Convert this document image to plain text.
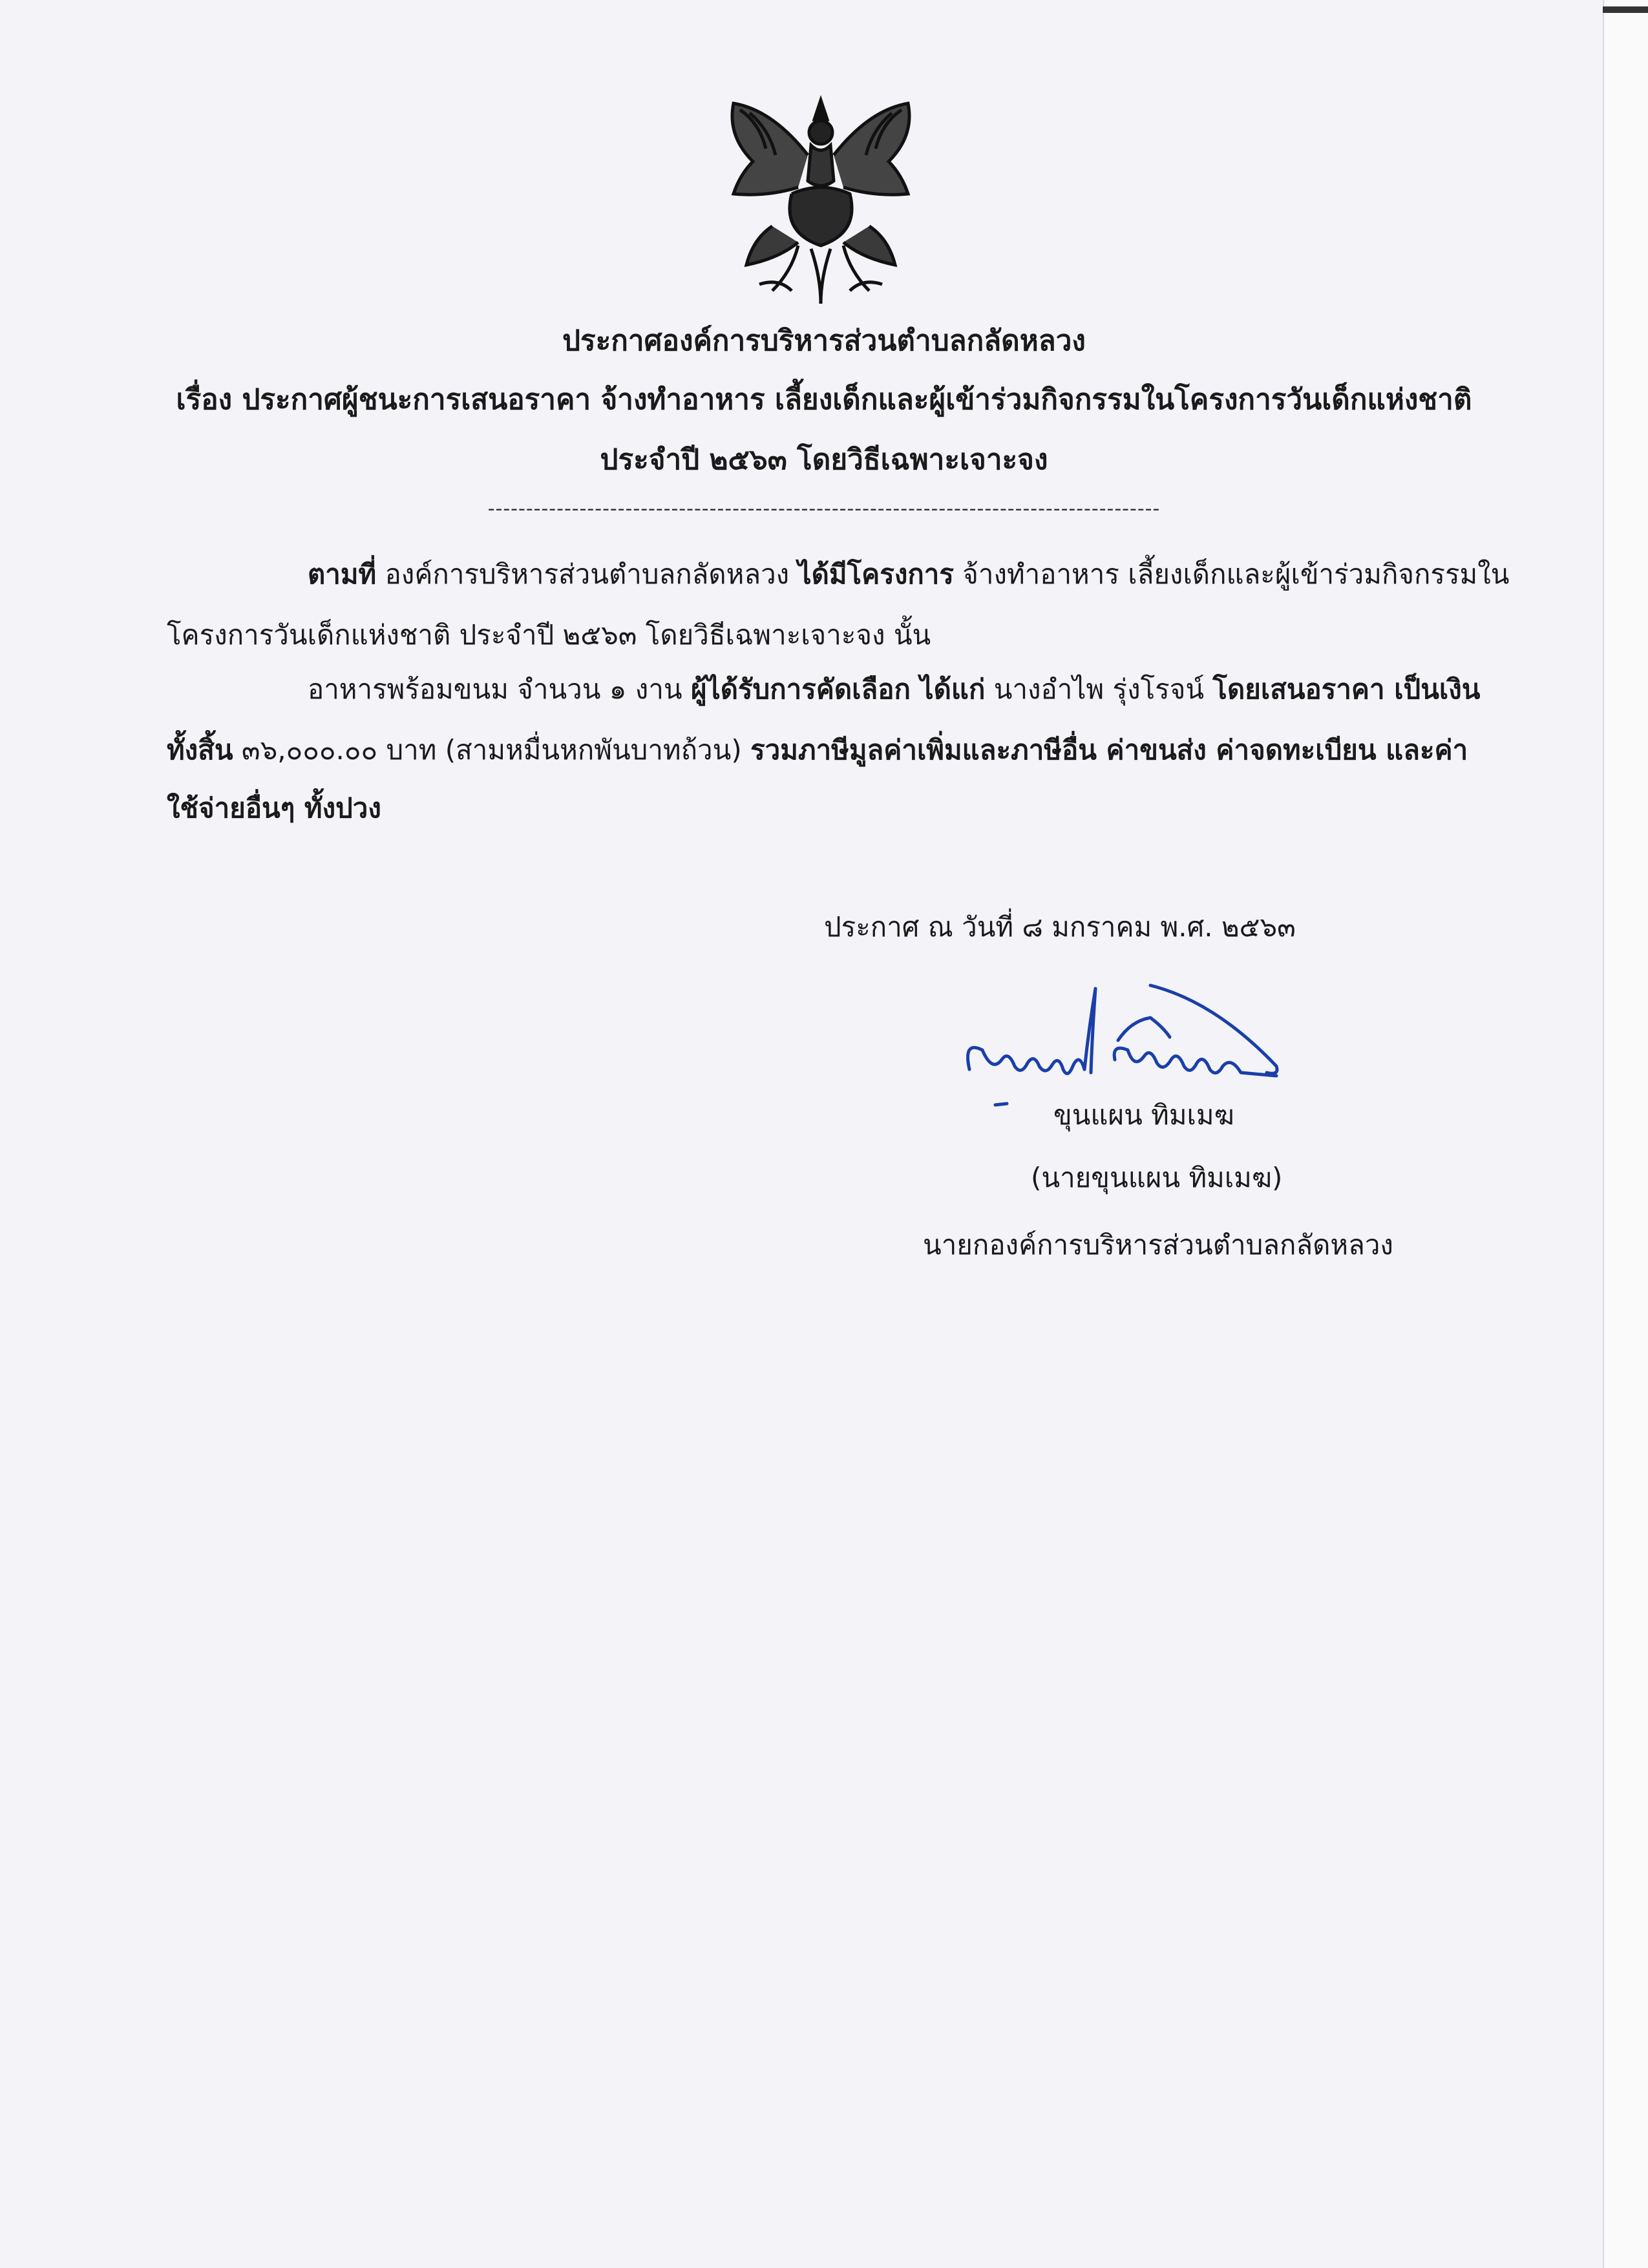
ประกาศองค์การบริหารส่วนตำบลกลัดหลวง
เรื่อง ประกาศผู้ชนะการเสนอราคา จ้างทำอาหาร เลี้ยงเด็กและผู้เข้าร่วมกิจกรรมในโครงการวันเด็กแห่งชาติ
ประจำปี ๒๕๖๓ โดยวิธีเฉพาะเจาะจง
----------------------------------------------------------------------------------------
ตามที่ องค์การบริหารส่วนตำบลกลัดหลวง ได้มีโครงการ จ้างทำอาหาร เลี้ยงเด็กและผู้เข้าร่วมกิจกรรมใน
โครงการวันเด็กแห่งชาติ ประจำปี ๒๕๖๓ โดยวิธีเฉพาะเจาะจง นั้น
อาหารพร้อมขนม จำนวน ๑ งาน ผู้ได้รับการคัดเลือก ได้แก่ นางอำไพ รุ่งโรจน์ โดยเสนอราคา เป็นเงิน
ทั้งสิ้น ๓๖,๐๐๐.๐๐ บาท (สามหมื่นหกพันบาทถ้วน) รวมภาษีมูลค่าเพิ่มและภาษีอื่น ค่าขนส่ง ค่าจดทะเบียน และค่า
ใช้จ่ายอื่นๆ ทั้งปวง
ประกาศ ณ วันที่ ๘ มกราคม พ.ศ. ๒๕๖๓
ขุนแผน ทิมเมฆ
(นายขุนแผน ทิมเมฆ)
นายกองค์การบริหารส่วนตำบลกลัดหลวง
